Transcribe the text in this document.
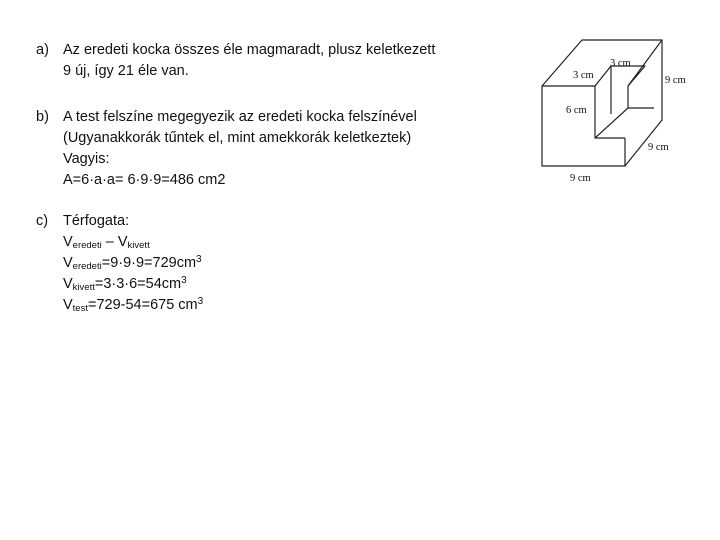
a) Az eredeti kocka összes éle magmaradt, plusz keletkezett
9 új, így 21 éle van.
b) A test felszíne megegyezik az eredeti kocka felszínével
(Ugyanakkorák tűntek el, mint amekkorák keletkeztek)
Vagyis:
A=6·a·a= 6·9·9=486 cm2
c)	Térfogata:
$V_{eredeti} - V_{kivett}$
$V_{eredeti}=9\cdot 9\cdot 9=729cm^3$
$V_{kivett}=3\cdot 3\cdot 6=54cm^3$
$V_{test}=729-54=675$ $cm^3$
3 cm
3 cm	9 cm
6 cm
9 cm
9 cm
